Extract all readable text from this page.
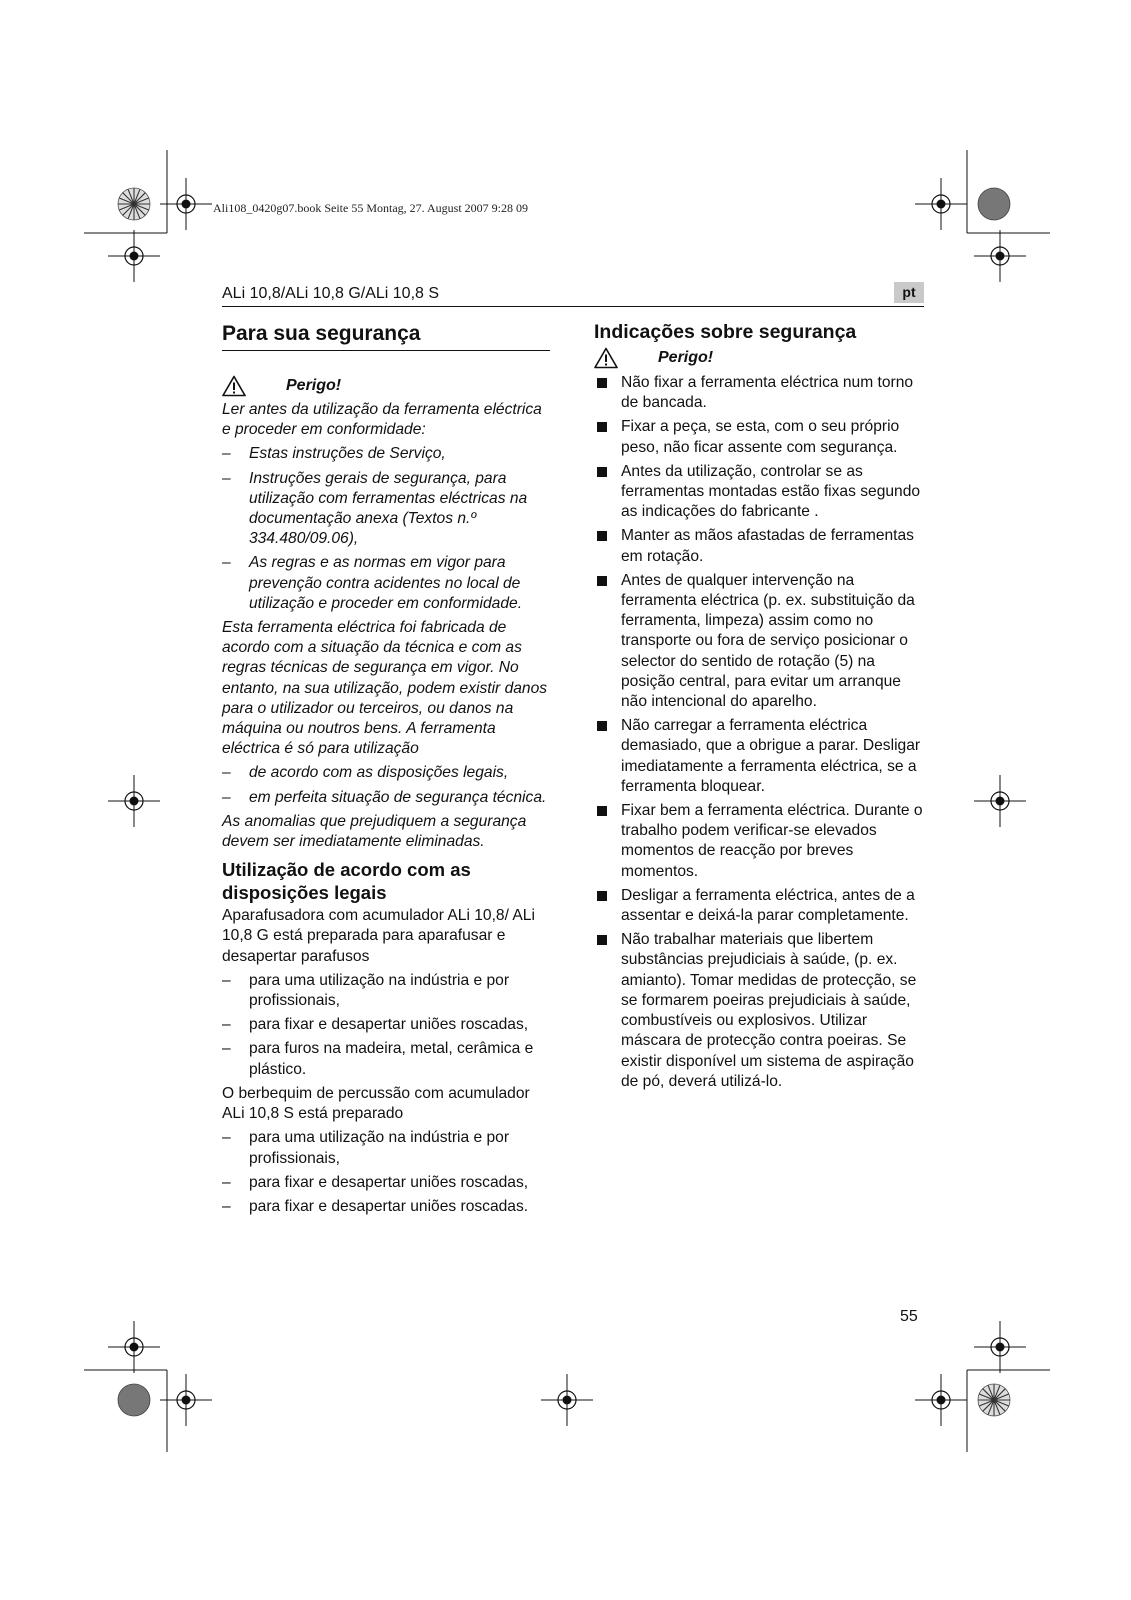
Ali108_0420g07.book Seite 55 Montag, 27. August 2007 9:28 09
ALi 10,8/ALi 10,8 G/ALi 10,8 S	pt
Para sua segurança
Perigo!

Ler antes da utilização da ferramenta eléctrica e proceder em conformidade:

– Estas instruções de Serviço,
– Instruções gerais de segurança, para utilização com ferramentas eléctricas na documentação anexa (Textos n.º 334.480/09.06),
– As regras e as normas em vigor para prevenção contra acidentes no local de utilização e proceder em conformidade.

Esta ferramenta eléctrica foi fabricada de acordo com a situação da técnica e com as regras técnicas de segurança em vigor. No entanto, na sua utilização, podem existir danos para o utilizador ou terceiros, ou danos na máquina ou noutros bens. A ferramenta eléctrica é só para utilização

– de acordo com as disposições legais,
– em perfeita situação de segurança técnica.

As anomalias que prejudiquem a segurança devem ser imediatamente eliminadas.

Utilização de acordo com as disposições legais

Aparafusadora com acumulador ALi 10,8/ ALi 10,8 G está preparada para aparafusar e desapertar parafusos

– para uma utilização na indústria e por profissionais,
– para fixar e desapertar uniões roscadas,
– para furos na madeira, metal, cerâmica e plástico.

O berbequim de percussão com acumulador ALi 10,8 S está preparado

– para uma utilização na indústria e por profissionais,
– para fixar e desapertar uniões roscadas,
– para fixar e desapertar uniões roscadas.
Indicações sobre segurança
Perigo!
Não fixar a ferramenta eléctrica num torno de bancada.
Fixar a peça, se esta, com o seu próprio peso, não ficar assente com segurança.
Antes da utilização, controlar se as ferramentas montadas estão fixas segundo as indicações do fabricante .
Manter as mãos afastadas de ferramentas em rotação.
Antes de qualquer intervenção na ferramenta eléctrica (p. ex. substituição da ferramenta, limpeza) assim como no transporte ou fora de serviço posicionar o selector do sentido de rotação (5) na posição central, para evitar um arranque não intencional do aparelho.
Não carregar a ferramenta eléctrica demasiado, que a obrigue a parar. Desligar imediatamente a ferramenta eléctrica, se a ferramenta bloquear.
Fixar bem a ferramenta eléctrica. Durante o trabalho podem verificar-se elevados momentos de reacção por breves momentos.
Desligar a ferramenta eléctrica, antes de a assentar e deixá-la parar completamente.
Não trabalhar materiais que libertem substâncias prejudiciais à saúde, (p. ex. amianto). Tomar medidas de protecção, se se formarem poeiras prejudiciais à saúde, combustíveis ou explosivos. Utilizar máscara de protecção contra poeiras. Se existir disponível um sistema de aspiração de pó, deverá utilizá-lo.
55
